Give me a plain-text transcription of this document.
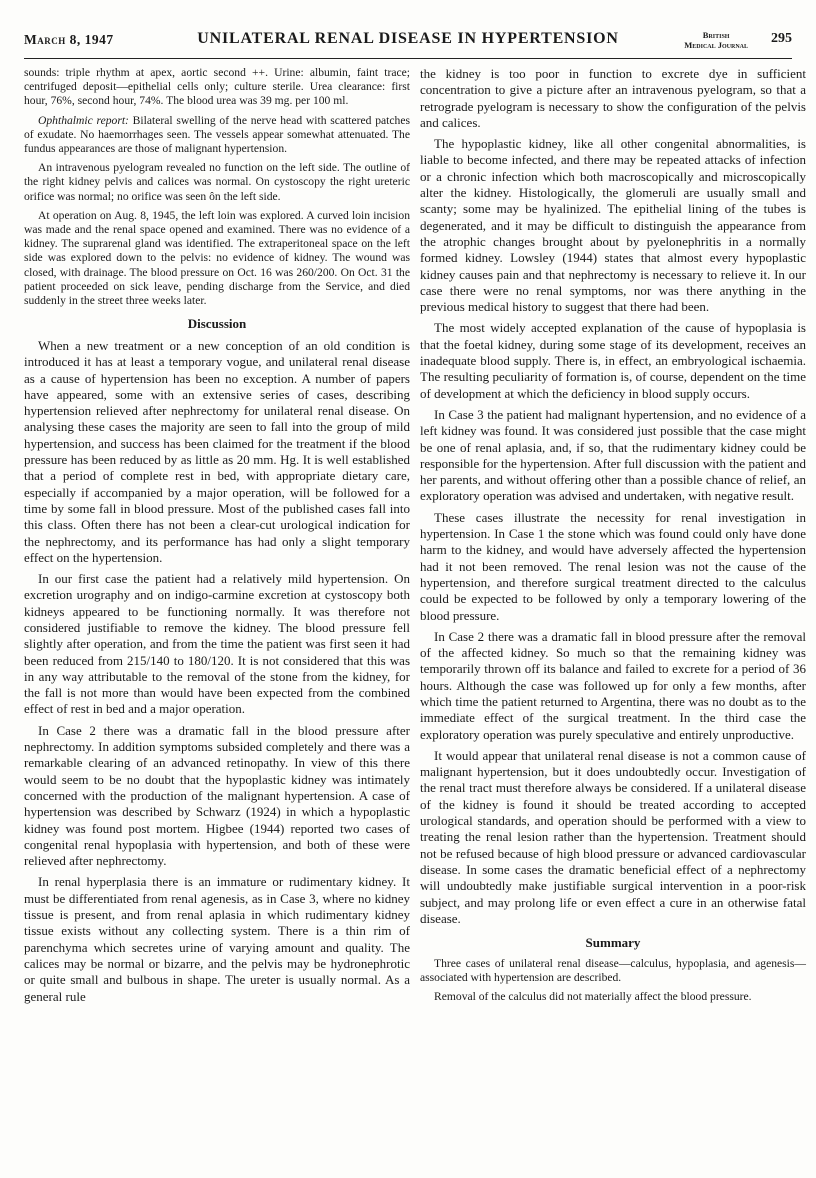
March 8, 1947	UNILATERAL RENAL DISEASE IN HYPERTENSION	British
Medical Journal 295

sounds: triple rhythm at apex, aortic second ++. Urine: albumin, faint trace; centrifuged deposit—epithelial cells only; culture sterile. Urea clearance: first hour, 76%, second hour, 74%. The blood urea was 39 mg. per 100 ml.

Ophthalmic report: Bilateral swelling of the nerve head with scattered patches of exudate. No haemorrhages seen. The vessels appear somewhat attenuated. The fundus appearances are those of malignant hypertension.

An intravenous pyelogram revealed no function on the left side. The outline of the right kidney pelvis and calices was normal. On cystoscopy the right ureteric orifice was normal; no orifice was seen ôn the left side.

At operation on Aug. 8, 1945, the left loin was explored. A curved loin incision was made and the renal space opened and examined. There was no evidence of a kidney. The suprarenal gland was identified. The extraperitoneal space on the left side was explored down to the pelvis: no evidence of kidney. The wound was closed, with drainage. The blood pressure on Oct. 16 was 260/200. On Oct. 31 the patient proceeded on sick leave, pending discharge from the Service, and died suddenly in the street three weeks later.

Discussion

When a new treatment or a new conception of an old condition is introduced it has at least a temporary vogue, and unilateral renal disease as a cause of hypertension has been no exception. A number of papers have appeared, some with an extensive series of cases, describing hypertension relieved after nephrectomy for unilateral renal disease. On analysing these cases the majority are seen to fall into the group of mild hypertension, and success has been claimed for the treatment if the blood pressure has been reduced by as little as 20 mm. Hg. It is well established that a period of complete rest in bed, with appropriate dietary care, especially if accompanied by a major operation, will be followed for a time by some fall in blood pressure. Most of the published cases fall into this class. Often there has not been a clear-cut urological indication for the nephrectomy, and its performance has had only a slight temporary effect on the hypertension.

In our first case the patient had a relatively mild hypertension. On excretion urography and on indigo-carmine excretion at cystoscopy both kidneys appeared to be functioning normally. It was therefore not considered justifiable to remove the kidney. The blood pressure fell slightly after operation, and from the time the patient was first seen it had been reduced from 215/140 to 180/120. It is not considered that this was in any way attributable to the removal of the stone from the kidney, for the fall is not more than would have been expected from the combined effect of rest in bed and a major operation.

In Case 2 there was a dramatic fall in the blood pressure after nephrectomy. In addition symptoms subsided completely and there was a remarkable clearing of an advanced retinopathy. In view of this there would seem to be no doubt that the hypoplastic kidney was intimately concerned with the production of the malignant hypertension. A case of hypertension was described by Schwarz (1924) in which a hypoplastic kidney was found post mortem. Higbee (1944) reported two cases of congenital renal hypoplasia with hypertension, and both of these were relieved after nephrectomy.

In renal hyperplasia there is an immature or rudimentary kidney. It must be differentiated from renal agenesis, as in Case 3, where no kidney tissue is present, and from renal aplasia in which rudimentary kidney tissue exists without any collecting system. There is a thin rim of parenchyma which secretes urine of varying amount and quality. The calices may be normal or bizarre, and the pelvis may be hydronephrotic or quite small and bulbous in shape. The ureter is usually normal. As a general rule

the kidney is too poor in function to excrete dye in sufficient concentration to give a picture after an intravenous pyelogram, so that a retrograde pyelogram is necessary to show the configuration of the pelvis and calices.

The hypoplastic kidney, like all other congenital abnormalities, is liable to become infected, and there may be repeated attacks of infection or a chronic infection which both macroscopically and microscopically alter the kidney. Histologically, the glomeruli are usually small and scanty; some may be hyalinized. The epithelial lining of the tubes is degenerated, and it may be difficult to distinguish the appearance from the atrophic changes brought about by pyelonephritis in a normally formed kidney. Lowsley (1944) states that almost every hypoplastic kidney causes pain and that nephrectomy is necessary to relieve it. In our case there were no renal symptoms, nor was there anything in the previous medical history to suggest that there had been.

The most widely accepted explanation of the cause of hypoplasia is that the foetal kidney, during some stage of its development, receives an inadequate blood supply. There is, in effect, an embryological ischaemia. The resulting peculiarity of formation is, of course, dependent on the time of development at which the deficiency in blood supply occurs.

In Case 3 the patient had malignant hypertension, and no evidence of a left kidney was found. It was considered just possible that the case might be one of renal aplasia, and, if so, that the rudimentary kidney could be responsible for the hypertension. After full discussion with the patient and her parents, and without offering other than a possible chance of relief, an exploratory operation was advised and undertaken, with negative result.

These cases illustrate the necessity for renal investigation in hypertension. In Case 1 the stone which was found could only have done harm to the kidney, and would have adversely affected the hypertension had it not been removed. The renal lesion was not the cause of the hypertension, and therefore surgical treatment directed to the calculus could be expected to be followed by only a temporary lowering of the blood pressure.

In Case 2 there was a dramatic fall in blood pressure after the removal of the affected kidney. So much so that the remaining kidney was temporarily thrown off its balance and failed to excrete for a period of 36 hours. Although the case was followed up for only a few months, after which time the patient returned to Argentina, there was no doubt as to the immediate effect of the surgical treatment. In the third case the exploratory operation was purely speculative and entirely unproductive.

It would appear that unilateral renal disease is not a common cause of malignant hypertension, but it does undoubtedly occur. Investigation of the renal tract must therefore always be considered. If a unilateral disease of the kidney is found it should be treated according to accepted urological standards, and operation should be performed with a view to treating the renal lesion rather than the hypertension. Treatment should not be refused because of high blood pressure or advanced cardiovascular disease. In some cases the dramatic beneficial effect of a nephrectomy will undoubtedly make justifiable surgical intervention in a poor-risk subject, and may prolong life or even effect a cure in an otherwise fatal disease.

Summary

Three cases of unilateral renal disease—calculus, hypoplasia, and agenesis—associated with hypertension are described.

Removal of the calculus did not materially affect the blood pressure.
